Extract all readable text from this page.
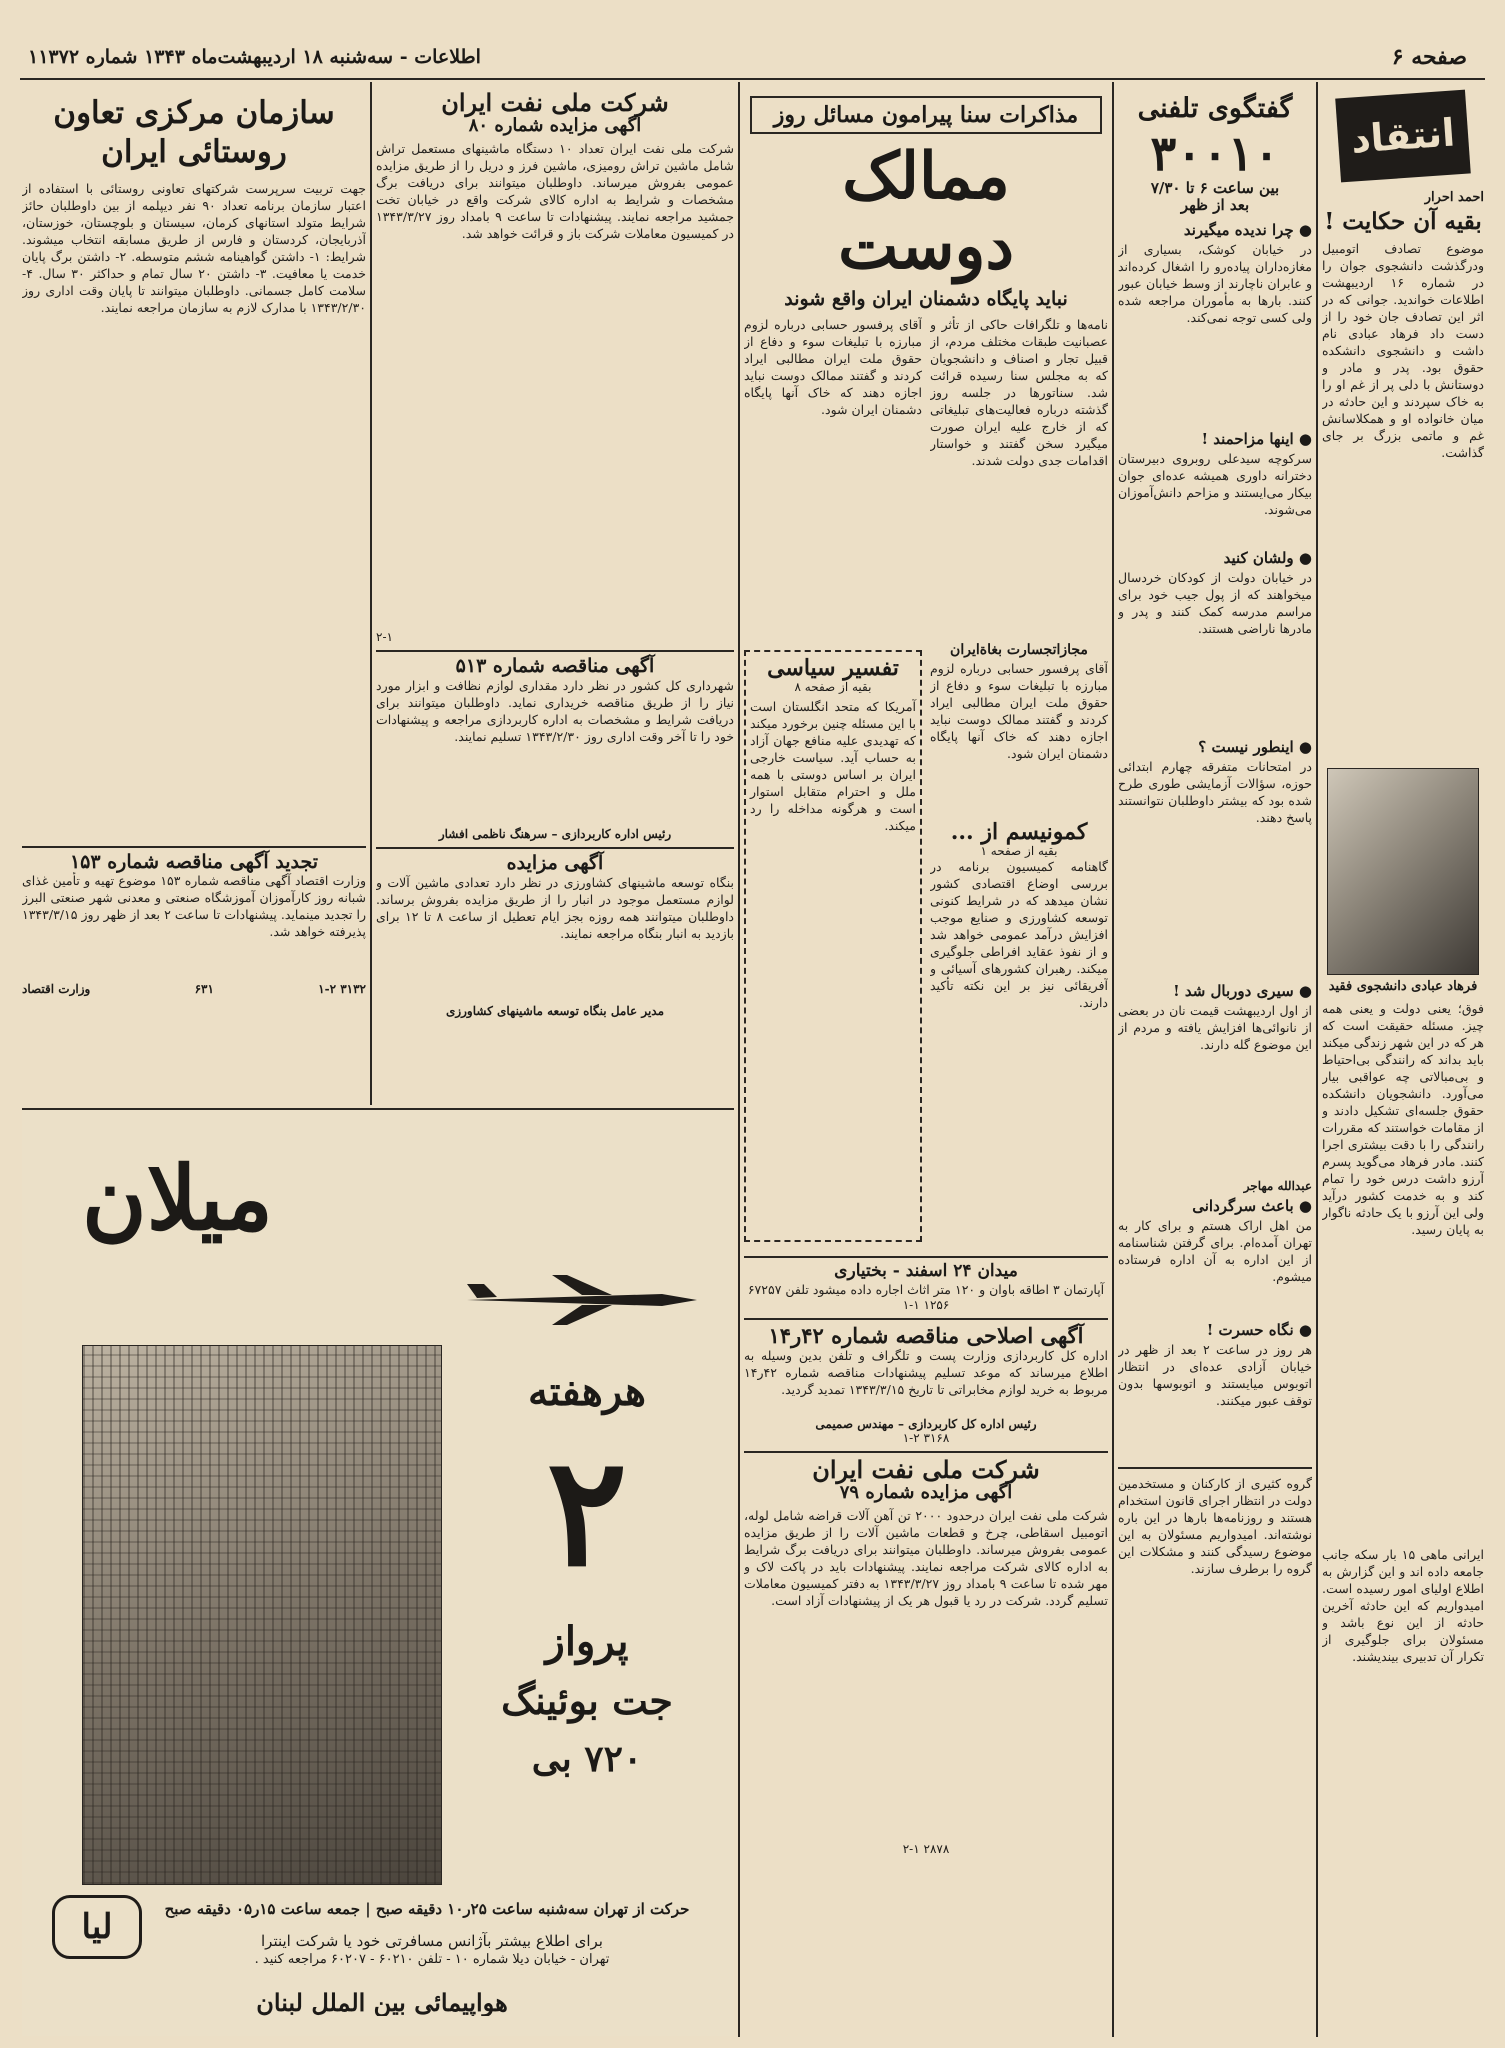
صفحه ۶
اطلاعات - سه‌شنبه ۱۸ اردیبهشت‌ماه ۱۳۴۳ شماره ۱۱۳۷۲
انتقاد
احمد احرار
بقیه آن حکایت !
موضوع تصادف اتومبیل ودرگذشت دانشجوی جوان را در شماره ۱۶ اردیبهشت اطلاعات خواندید. جوانی که در اثر این تصادف جان خود را از دست داد فرهاد عبادی نام داشت و دانشجوی دانشکده حقوق بود. پدر و مادر و دوستانش با دلی پر از غم او را به خاک سپردند و این حادثه در میان خانواده او و همکلاسانش غم و ماتمی بزرگ بر جای گذاشت.
فرهاد عبادی دانشجوی فقید
فوق؛ یعنی دولت و یعنی همه چیز. مسئله حقیقت است که هر که در این شهر زندگی میکند باید بداند که رانندگی بی‌احتیاط و بی‌مبالاتی چه عواقبی بیار می‌آورد. دانشجویان دانشکده حقوق جلسه‌ای تشکیل دادند و از مقامات خواستند که مقررات رانندگی را با دقت بیشتری اجرا کنند. مادر فرهاد می‌گوید پسرم آرزو داشت درس خود را تمام کند و به خدمت کشور درآید ولی این آرزو با یک حادثه ناگوار به پایان رسید.
ایرانی ماهی ۱۵ بار سکه جانب جامعه داده اند و این گزارش به اطلاع اولیای امور رسیده است. امیدواریم که این حادثه آخرین حادثه از این نوع باشد و مسئولان برای جلوگیری از تکرار آن تدبیری بیندیشند.
گفتگوی تلفنی
۳۰۰۱۰
بین ساعت ۶ تا ۷/۳۰
بعد از ظهر
● چرا ندیده میگیرند
در خیابان کوشک، بسیاری از مغازه‌داران پیاده‌رو را اشغال کرده‌اند و عابران ناچارند از وسط خیابان عبور کنند. بارها به مأموران مراجعه شده ولی کسی توجه نمی‌کند.
● اینها مزاحمند !
سرکوچه سیدعلی روبروی دبیرستان دخترانه داوری همیشه عده‌ای جوان بیکار می‌ایستند و مزاحم دانش‌آموزان می‌شوند.
● ولشان کنید
در خیابان دولت از کودکان خردسال میخواهند که از پول جیب خود برای مراسم مدرسه کمک کنند و پدر و مادرها ناراضی هستند.
● اینطور نیست ؟
در امتحانات متفرقه چهارم ابتدائی حوزه، سؤالات آزمایشی طوری طرح شده بود که بیشتر داوطلبان نتوانستند پاسخ دهند.
● سیری دوربال شد !
از اول اردیبهشت قیمت نان در بعضی از نانوائی‌ها افزایش یافته و مردم از این موضوع گله دارند.
عبدالله مهاجر
● باعث سرگردانی
من اهل اراک هستم و برای کار به تهران آمده‌ام. برای گرفتن شناسنامه از این اداره به آن اداره فرستاده میشوم.
● نگاه حسرت !
هر روز در ساعت ۲ بعد از ظهر در خیابان آزادی عده‌ای در انتظار اتوبوس میایستند و اتوبوسها بدون توقف عبور میکنند.
گروه کثیری از کارکنان و مستخدمین دولت در انتظار اجرای قانون استخدام هستند و روزنامه‌ها بارها در این باره نوشته‌اند. امیدواریم مسئولان به این موضوع رسیدگی کنند و مشکلات این گروه را برطرف سازند.
مذاکرات سنا پیرامون مسائل روز
ممالک دوست
نباید پایگاه دشمنان ایران واقع شوند
نامه‌ها و تلگرافات حاکی از تأثر و عصبانیت طبقات مختلف مردم، از قبیل تجار و اصناف و دانشجویان که به مجلس سنا رسیده قرائت شد. سناتورها در جلسه روز گذشته درباره فعالیت‌های تبلیغاتی که از خارج علیه ایران صورت میگیرد سخن گفتند و خواستار اقدامات جدی دولت شدند.
مجازاتجسارت بغاةایران
آقای پرفسور حسابی درباره لزوم مبارزه با تبلیغات سوء و دفاع از حقوق ملت ایران مطالبی ایراد کردند و گفتند ممالک دوست نباید اجازه دهند که خاک آنها پایگاه دشمنان ایران شود.
کمونیسم از ...
بقیه از صفحه ۱
گاهنامه کمیسیون برنامه در بررسی اوضاع اقتصادی کشور نشان میدهد که در شرایط کنونی توسعه کشاورزی و صنایع موجب افزایش درآمد عمومی خواهد شد و از نفوذ عقاید افراطی جلوگیری میکند. رهبران کشورهای آسیائی و آفریقائی نیز بر این نکته تأکید دارند.
آقای پرفسور حسابی درباره لزوم مبارزه با تبلیغات سوء و دفاع از حقوق ملت ایران مطالبی ایراد کردند و گفتند ممالک دوست نباید اجازه دهند که خاک آنها پایگاه دشمنان ایران شود.
تفسیر سیاسی
بقیه از صفحه ۸
آمریکا که متحد انگلستان است با این مسئله چنین برخورد میکند که تهدیدی علیه منافع جهان آزاد به حساب آید. سیاست خارجی ایران بر اساس دوستی با همه ملل و احترام متقابل استوار است و هرگونه مداخله را رد میکند.
میدان ۲۴ اسفند - بختیاری
آپارتمان ۳ اطاقه باوان و ۱۲۰ متر اثاث اجاره داده میشود تلفن ۶۷۲۵۷
۱۲۵۶ ۱-۱
آگهی اصلاحی مناقصه شماره ۴۲ر۱۴
اداره کل کاربردازی وزارت پست و تلگراف و تلفن بدین وسیله به اطلاع میرساند که موعد تسلیم پیشنهادات مناقصه شماره ۴۲ر۱۴ مربوط به خرید لوازم مخابراتی تا تاریخ ۱۳۴۳/۳/۱۵ تمدید گردید.
رئیس اداره کل کاربردازی – مهندس صمیمی
۳۱۶۸ ۱-۲
شرکت ملی نفت ایران
آگهی مزایده شماره ۷۹
شرکت ملی نفت ایران درحدود ۲۰۰۰ تن آهن آلات قراضه شامل لوله، اتومبیل اسقاطی، چرخ و قطعات ماشین آلات را از طریق مزایده عمومی بفروش میرساند. داوطلبان میتوانند برای دریافت برگ شرایط به اداره کالای شرکت مراجعه نمایند. پیشنهادات باید در پاکت لاک و مهر شده تا ساعت ۹ بامداد روز ۱۳۴۳/۳/۲۷ به دفتر کمیسیون معاملات تسلیم گردد. شرکت در رد یا قبول هر یک از پیشنهادات آزاد است.
۲۸۷۸ ۲-۱
شرکت ملی نفت ایران
آگهی مزایده شماره ۸۰
شرکت ملی نفت ایران تعداد ۱۰ دستگاه ماشینهای مستعمل تراش شامل ماشین تراش رومیزی، ماشین فرز و دریل را از طریق مزایده عمومی بفروش میرساند. داوطلبان میتوانند برای دریافت برگ مشخصات و شرایط به اداره کالای شرکت واقع در خیابان تخت جمشید مراجعه نمایند. پیشنهادات تا ساعت ۹ بامداد روز ۱۳۴۳/۳/۲۷ در کمیسیون معاملات شرکت باز و قرائت خواهد شد.
۲-۱
آگهی مناقصه شماره ۵۱۳
شهرداری کل کشور در نظر دارد مقداری لوازم نظافت و ابزار مورد نیاز را از طریق مناقصه خریداری نماید. داوطلبان میتوانند برای دریافت شرایط و مشخصات به اداره کاربردازی مراجعه و پیشنهادات خود را تا آخر وقت اداری روز ۱۳۴۳/۲/۳۰ تسلیم نمایند.
رئیس اداره کاربردازی – سرهنگ ناظمی افشار
آگهی مزایده
بنگاه توسعه ماشینهای کشاورزی در نظر دارد تعدادی ماشین آلات و لوازم مستعمل موجود در انبار را از طریق مزایده بفروش برساند. داوطلبان میتوانند همه روزه بجز ایام تعطیل از ساعت ۸ تا ۱۲ برای بازدید به انبار بنگاه مراجعه نمایند.
مدیر عامل بنگاه توسعه ماشینهای کشاورزی
سازمان مرکزی تعاون روستائی ایران
جهت تربیت سرپرست شرکتهای تعاونی روستائی با استفاده از اعتبار سازمان برنامه تعداد ۹۰ نفر دیپلمه از بین داوطلبان حائز شرایط متولد استانهای کرمان، سیستان و بلوچستان، خوزستان، آذربایجان، کردستان و فارس از طریق مسابقه انتخاب میشوند. شرایط: ۱- داشتن گواهینامه ششم متوسطه. ۲- داشتن برگ پایان خدمت یا معافیت. ۳- داشتن ۲۰ سال تمام و حداکثر ۳۰ سال. ۴- سلامت کامل جسمانی. داوطلبان میتوانند تا پایان وقت اداری روز ۱۳۴۳/۲/۳۰ با مدارک لازم به سازمان مراجعه نمایند.
تجدید آگهی مناقصه شماره ۱۵۳
وزارت اقتصاد آگهی مناقصه شماره ۱۵۳ موضوع تهیه و تأمین غذای شبانه روز کارآموزان آموزشگاه صنعتی و معدنی شهر صنعتی البرز را تجدید مینماید. پیشنهادات تا ساعت ۲ بعد از ظهر روز ۱۳۴۳/۳/۱۵ پذیرفته خواهد شد.
۳۱۳۲ ۱-۲
۶۳۱
وزارت اقتصاد
میلان
هرهفته
۲
پرواز
جت بوئینگ
۷۲۰ بی
حرکت از تهران سه‌شنبه ساعت ۲۵ر۱۰ دقیقه صبح | جمعه ساعت ۱۵ر۰۵ دقیقه صبح
لیا	برای اطلاع بیشتر بآژانس مسافرتی خود یا شرکت اینترا
تهران - خیابان دیلا شماره ۱۰ - تلفن ۶۰۲۱۰ - ۶۰۲۰۷ مراجعه کنید .
هواپیمائی بین الملل لبنان
